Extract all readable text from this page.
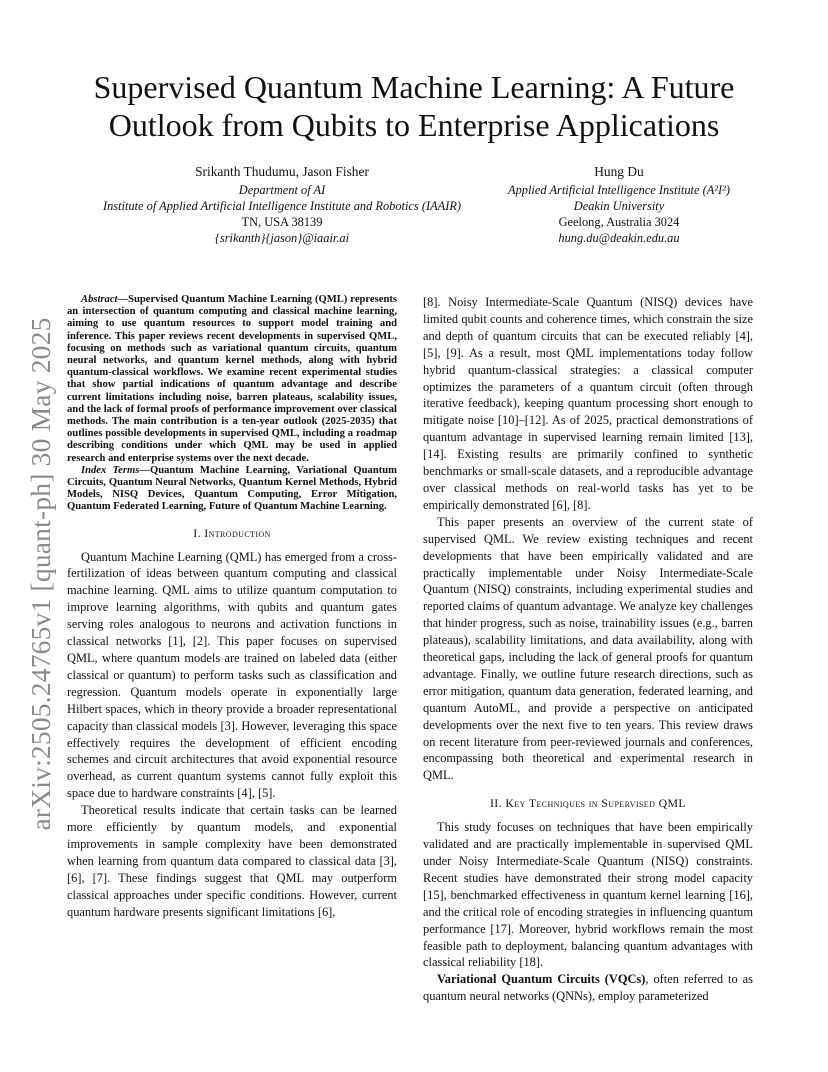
arXiv:2505.24765v1 [quant-ph] 30 May 2025
Supervised Quantum Machine Learning: A Future Outlook from Qubits to Enterprise Applications
Srikanth Thudumu, Jason Fisher
Department of AI
Institute of Applied Artificial Intelligence Institute and Robotics (IAAIR)
TN, USA 38139
{srikanth}{jason}@iaair.ai
Hung Du
Applied Artificial Intelligence Institute (A²I²)
Deakin University
Geelong, Australia 3024
hung.du@deakin.edu.au

Abstract—Supervised Quantum Machine Learning (QML) represents an intersection of quantum computing and classical machine learning, aiming to use quantum resources to support model training and inference. This paper reviews recent developments in supervised QML, focusing on methods such as variational quantum circuits, quantum neural networks, and quantum kernel methods, along with hybrid quantum-classical workflows. We examine recent experimental studies that show partial indications of quantum advantage and describe current limitations including noise, barren plateaus, scalability issues, and the lack of formal proofs of performance improvement over classical methods. The main contribution is a ten-year outlook (2025-2035) that outlines possible developments in supervised QML, including a roadmap describing conditions under which QML may be used in applied research and enterprise systems over the next decade.

Index Terms—Quantum Machine Learning, Variational Quantum Circuits, Quantum Neural Networks, Quantum Kernel Methods, Hybrid Models, NISQ Devices, Quantum Computing, Error Mitigation, Quantum Federated Learning, Future of Quantum Machine Learning.

I. Introduction

Quantum Machine Learning (QML) has emerged from a cross-fertilization of ideas between quantum computing and classical machine learning. QML aims to utilize quantum computation to improve learning algorithms, with qubits and quantum gates serving roles analogous to neurons and activation functions in classical networks [1], [2]. This paper focuses on supervised QML, where quantum models are trained on labeled data (either classical or quantum) to perform tasks such as classification and regression. Quantum models operate in exponentially large Hilbert spaces, which in theory provide a broader representational capacity than classical models [3]. However, leveraging this space effectively requires the development of efficient encoding schemes and circuit architectures that avoid exponential resource overhead, as current quantum systems cannot fully exploit this space due to hardware constraints [4], [5].

Theoretical results indicate that certain tasks can be learned more efficiently by quantum models, and exponential improvements in sample complexity have been demonstrated when learning from quantum data compared to classical data [3], [6], [7]. These findings suggest that QML may outperform classical approaches under specific conditions. However, current quantum hardware presents significant limitations [6],

[8]. Noisy Intermediate-Scale Quantum (NISQ) devices have limited qubit counts and coherence times, which constrain the size and depth of quantum circuits that can be executed reliably [4], [5], [9]. As a result, most QML implementations today follow hybrid quantum-classical strategies: a classical computer optimizes the parameters of a quantum circuit (often through iterative feedback), keeping quantum processing short enough to mitigate noise [10]–[12]. As of 2025, practical demonstrations of quantum advantage in supervised learning remain limited [13], [14]. Existing results are primarily confined to synthetic benchmarks or small-scale datasets, and a reproducible advantage over classical methods on real-world tasks has yet to be empirically demonstrated [6], [8].

This paper presents an overview of the current state of supervised QML. We review existing techniques and recent developments that have been empirically validated and are practically implementable under Noisy Intermediate-Scale Quantum (NISQ) constraints, including experimental studies and reported claims of quantum advantage. We analyze key challenges that hinder progress, such as noise, trainability issues (e.g., barren plateaus), scalability limitations, and data availability, along with theoretical gaps, including the lack of general proofs for quantum advantage. Finally, we outline future research directions, such as error mitigation, quantum data generation, federated learning, and quantum AutoML, and provide a perspective on anticipated developments over the next five to ten years. This review draws on recent literature from peer-reviewed journals and conferences, encompassing both theoretical and experimental research in QML.

II. Key Techniques in Supervised QML

This study focuses on techniques that have been empirically validated and are practically implementable in supervised QML under Noisy Intermediate-Scale Quantum (NISQ) constraints. Recent studies have demonstrated their strong model capacity [15], benchmarked effectiveness in quantum kernel learning [16], and the critical role of encoding strategies in influencing quantum performance [17]. Moreover, hybrid workflows remain the most feasible path to deployment, balancing quantum advantages with classical reliability [18].

Variational Quantum Circuits (VQCs), often referred to as quantum neural networks (QNNs), employ parameterized
